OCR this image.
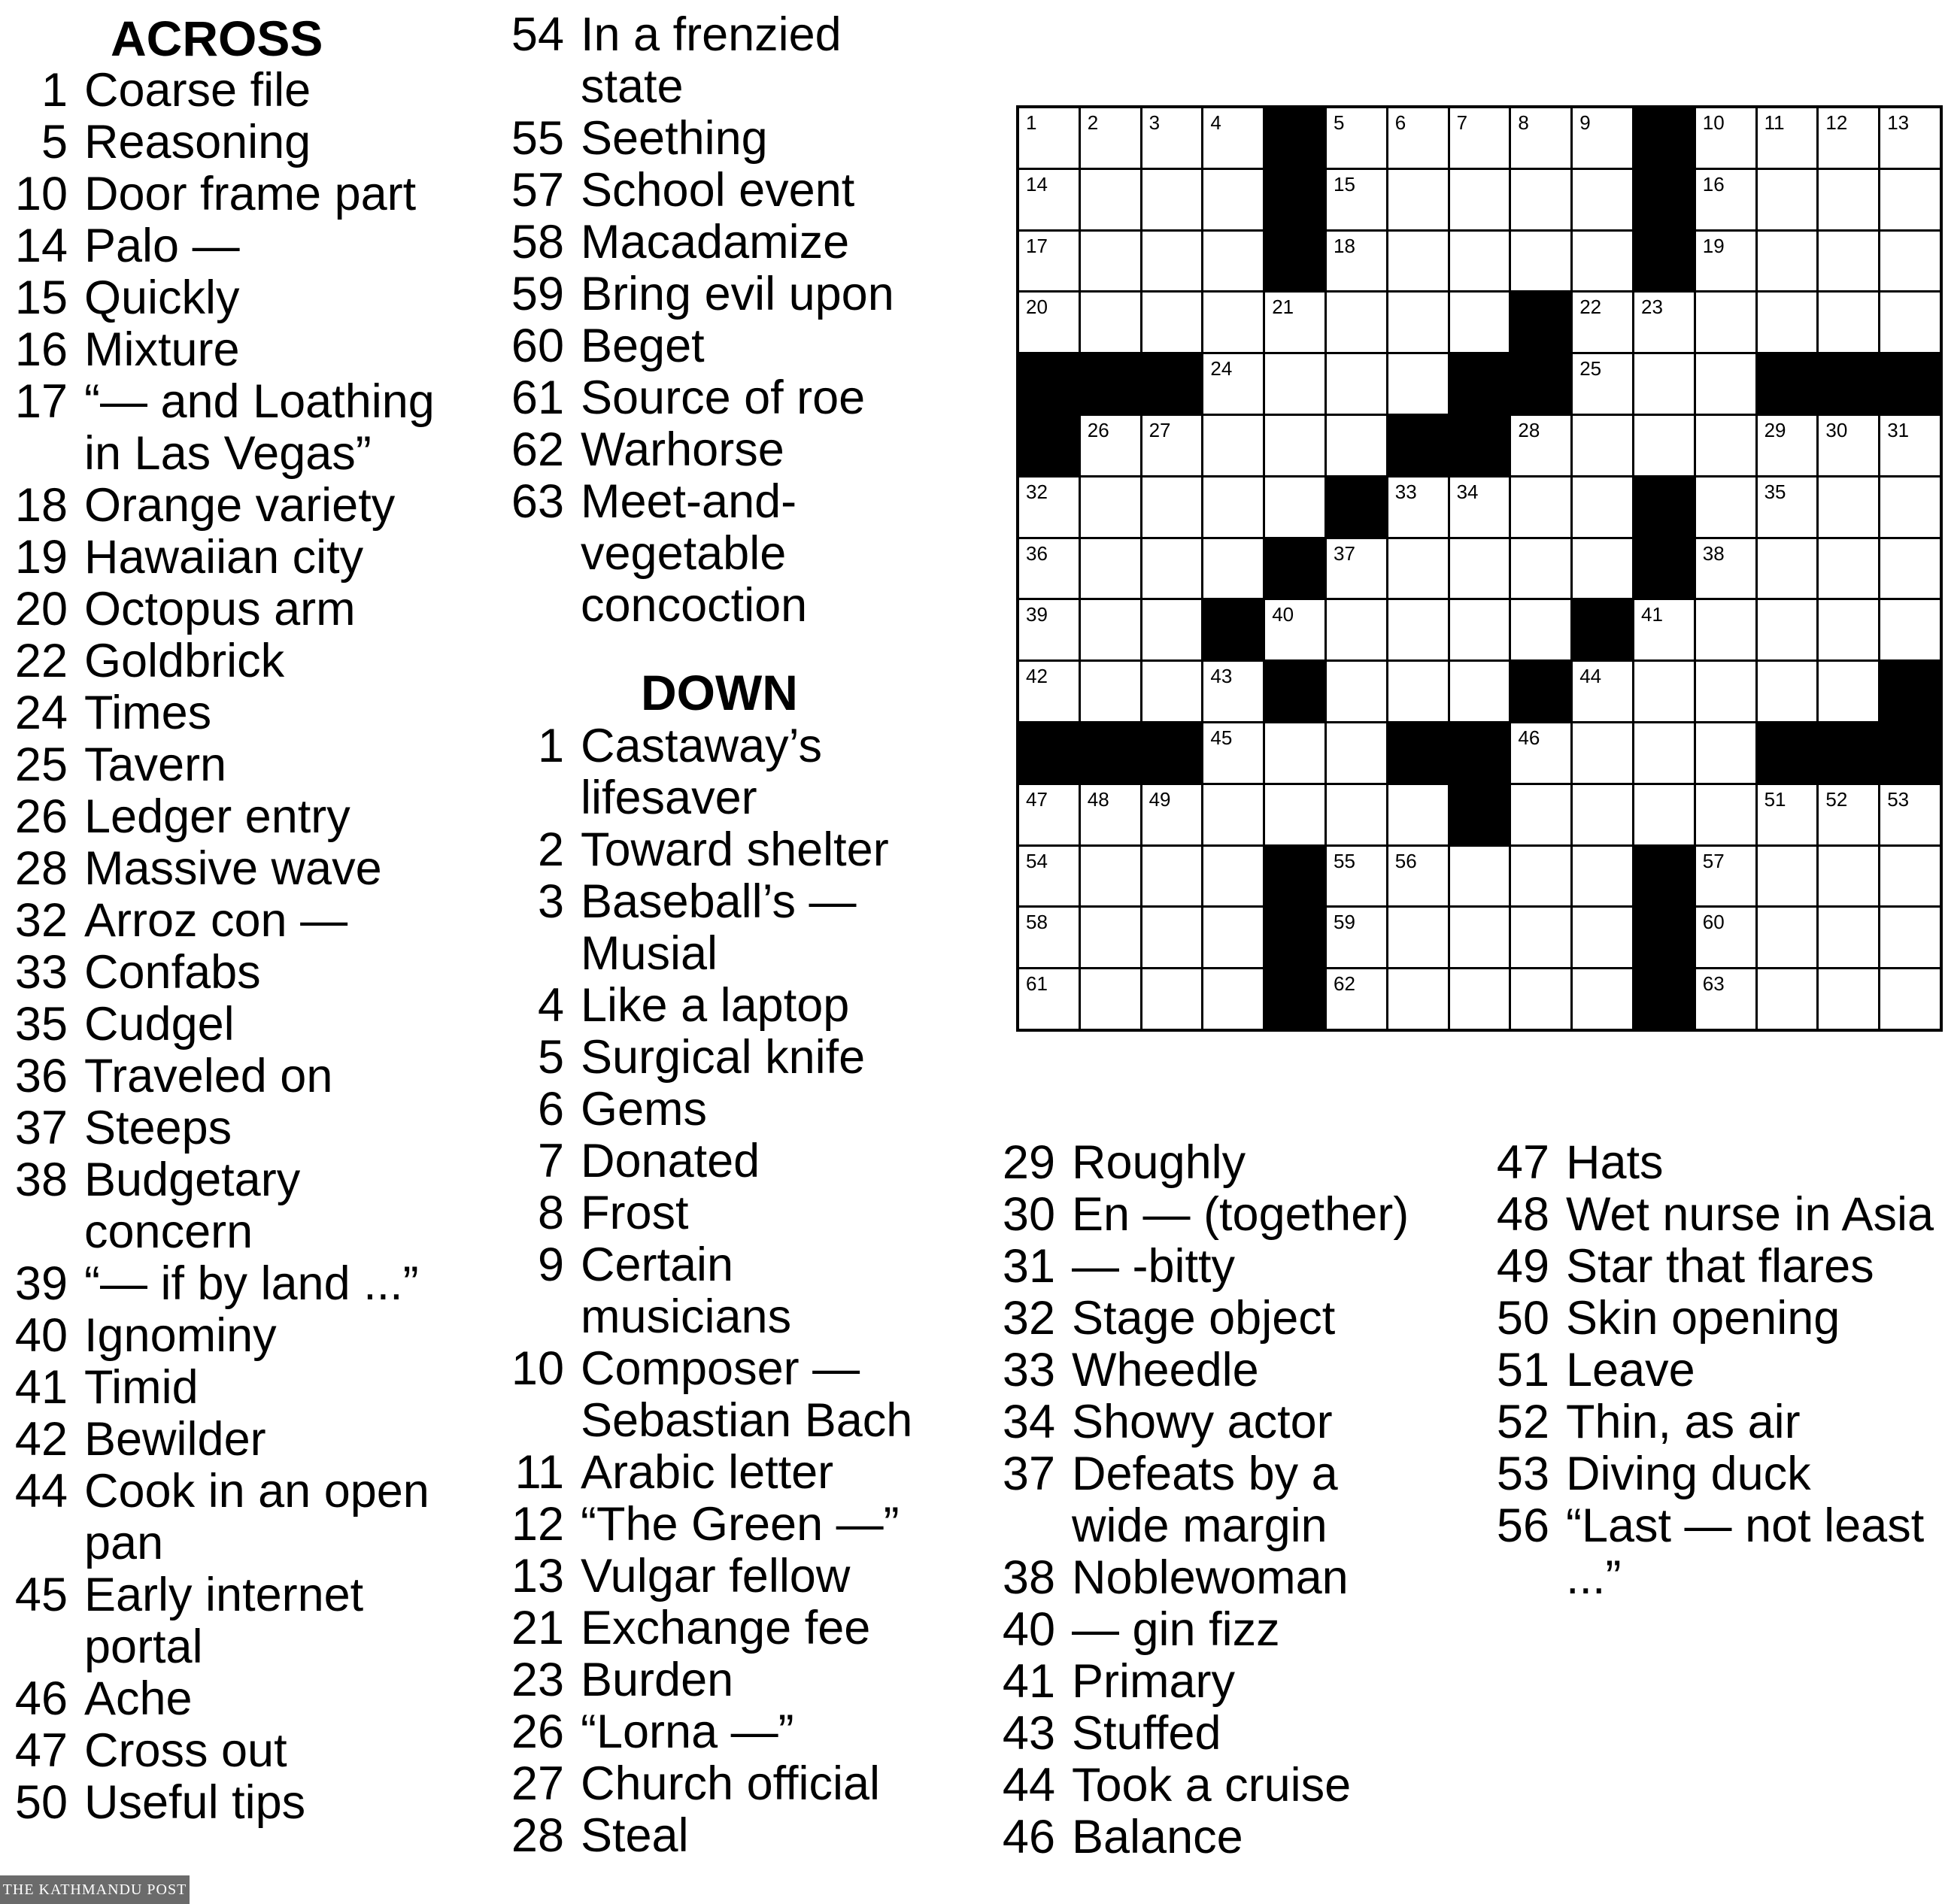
ACROSS
1 Coarse file
5 Reasoning
10 Door frame part
14 Palo —
15 Quickly
16 Mixture
17 “— and Loathing in Las Vegas”
18 Orange variety
19 Hawaiian city
20 Octopus arm
22 Goldbrick
24 Times
25 Tavern
26 Ledger entry
28 Massive wave
32 Arroz con —
33 Confabs
35 Cudgel
36 Traveled on
37 Steeps
38 Budgetary concern
39 “— if by land ...”
40 Ignominy
41 Timid
42 Bewilder
44 Cook in an open pan
45 Early internet portal
46 Ache
47 Cross out
50 Useful tips
54 In a frenzied state
55 Seething
57 School event
58 Macadamize
59 Bring evil upon
60 Beget
61 Source of roe
62 Warhorse
63 Meet-and-vegetable concoction
DOWN
1 Castaway’s lifesaver
2 Toward shelter
3 Baseball’s — Musial
4 Like a laptop
5 Surgical knife
6 Gems
7 Donated
8 Frost
9 Certain musicians
10 Composer — Sebastian Bach
11 Arabic letter
12 “The Green —”
13 Vulgar fellow
21 Exchange fee
23 Burden
26 “Lorna —”
27 Church official
28 Steal
29 Roughly
30 En — (together)
31 — -bitty
32 Stage object
33 Wheedle
34 Showy actor
37 Defeats by a wide margin
38 Noblewoman
40 — gin fizz
41 Primary
43 Stuffed
44 Took a cruise
46 Balance
47 Hats
48 Wet nurse in Asia
49 Star that flares
50 Skin opening
51 Leave
52 Thin, as air
53 Diving duck
56 “Last — not least ...”
1	2	3	4	5	6	7	8	9	10 11 12 13
14	15	16
17	18	19
20	21	22 23
24	25
26 27	28	29 30 31
32	33 34	35
36	37	38
39	40	41
42	43	44
45	46
47 48 49	51 52 53
54	55 56	57
58	59	60
61	62	63
THE KATHMANDU POST
